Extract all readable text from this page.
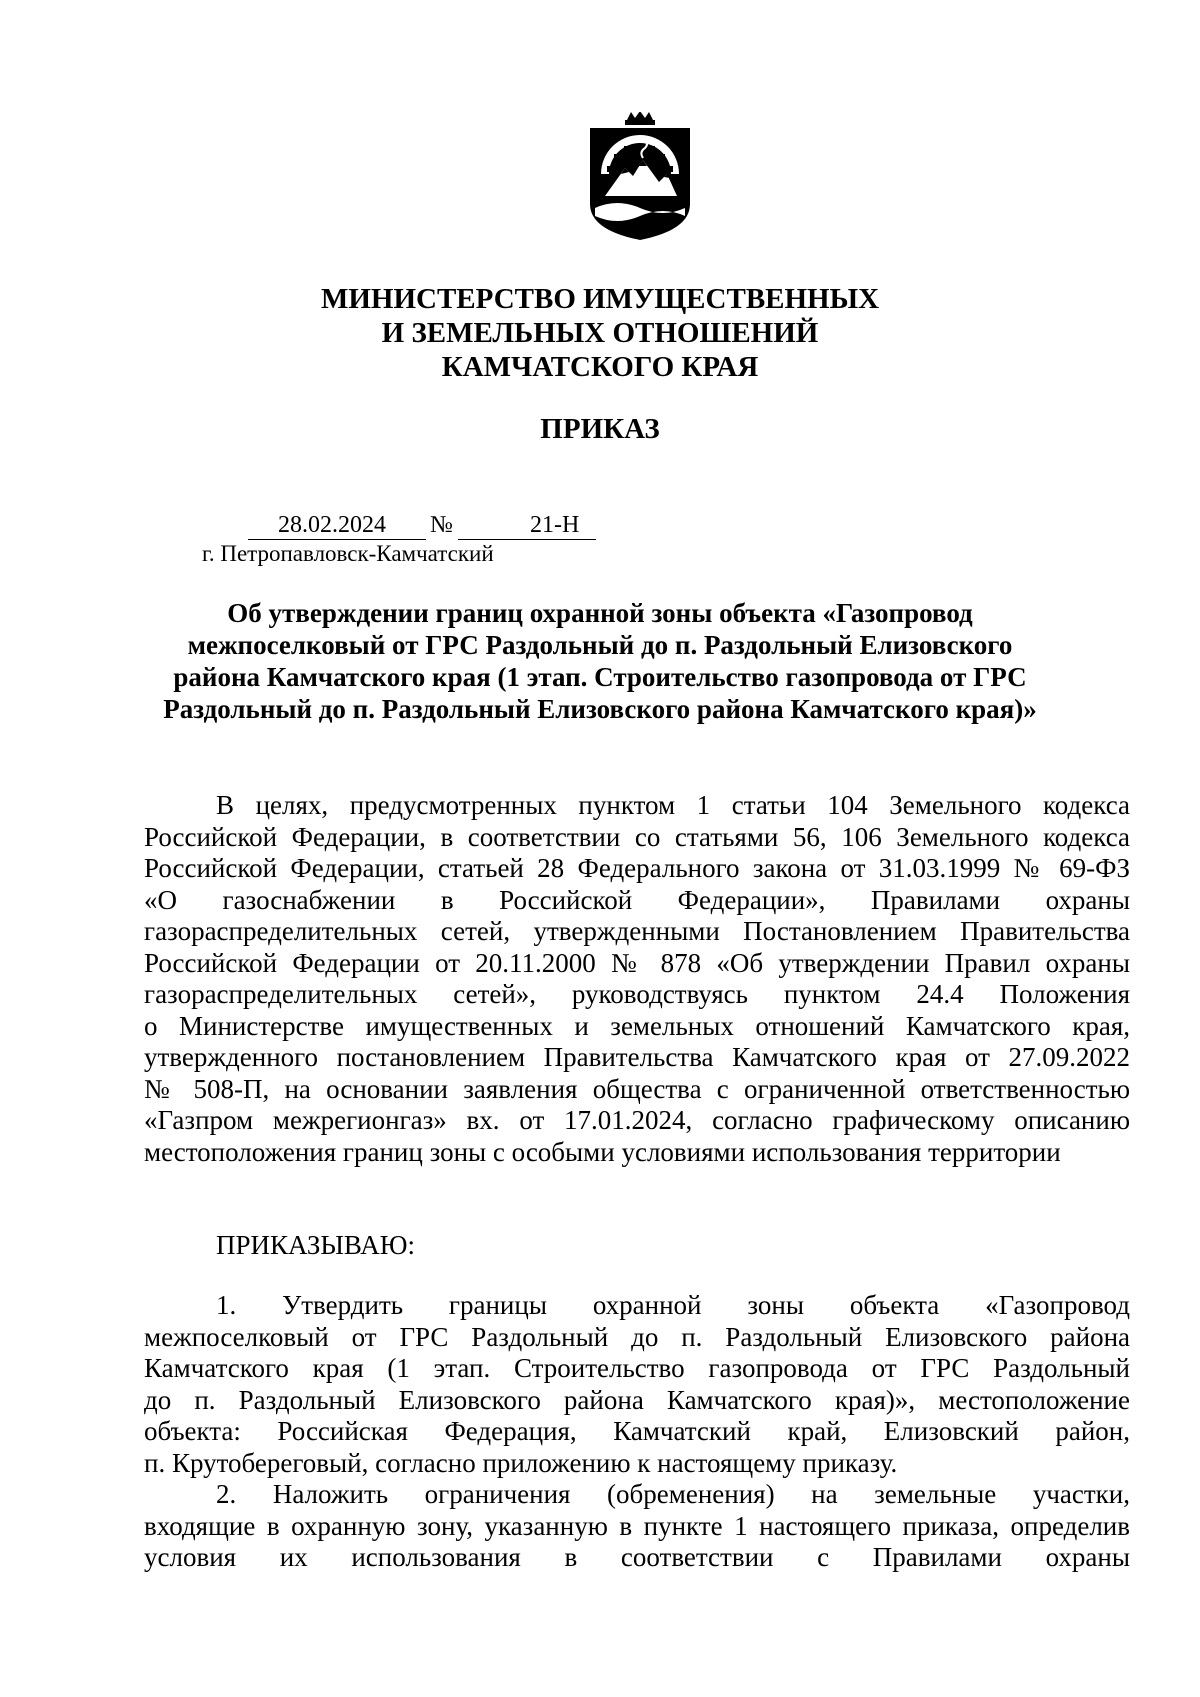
МИНИСТЕРСТВО ИМУЩЕСТВЕННЫХ
И ЗЕМЕЛЬНЫХ ОТНОШЕНИЙ
КАМЧАТСКОГО КРАЯ
ПРИКАЗ
28.02.2024 №	21-Н
г. Петропавловск-Камчатский
Об утверждении границ охранной зоны объекта «Газопровод
межпоселковый от ГРС Раздольный до п. Раздольный Елизовского
района Камчатского края (1 этап. Строительство газопровода от ГРС
Раздольный до п. Раздольный Елизовского района Камчатского края)»
В целях, предусмотренных пунктом 1 статьи 104 Земельного кодекса
Российской Федерации, в соответствии со статьями 56, 106 Земельного кодекса
Российской Федерации, статьей 28 Федерального закона от 31.03.1999 № 69-ФЗ
«О газоснабжении в Российской Федерации», Правилами охраны
газораспределительных сетей, утвержденными Постановлением Правительства
Российской Федерации от 20.11.2000 № 878 «Об утверждении Правил охраны
газораспределительных сетей», руководствуясь пунктом 24.4 Положения
о Министерстве имущественных и земельных отношений Камчатского края,
утвержденного постановлением Правительства Камчатского края от 27.09.2022
№ 508-П, на основании заявления общества с ограниченной ответственностью
«Газпром межрегионгаз» вх. от 17.01.2024, согласно графическому описанию
местоположения границ зоны с особыми условиями использования территории
ПРИКАЗЫВАЮ:
1. Утвердить границы охранной зоны объекта «Газопровод
межпоселковый от ГРС Раздольный до п. Раздольный Елизовского района
Камчатского края (1 этап. Строительство газопровода от ГРС Раздольный
до п. Раздольный Елизовского района Камчатского края)», местоположение
объекта: Российская Федерация, Камчатский край, Елизовский район,
п. Крутобереговый, согласно приложению к настоящему приказу.
2. Наложить ограничения (обременения) на земельные участки,
входящие в охранную зону, указанную в пункте 1 настоящего приказа, определив
условия их использования в соответствии с Правилами охраны
